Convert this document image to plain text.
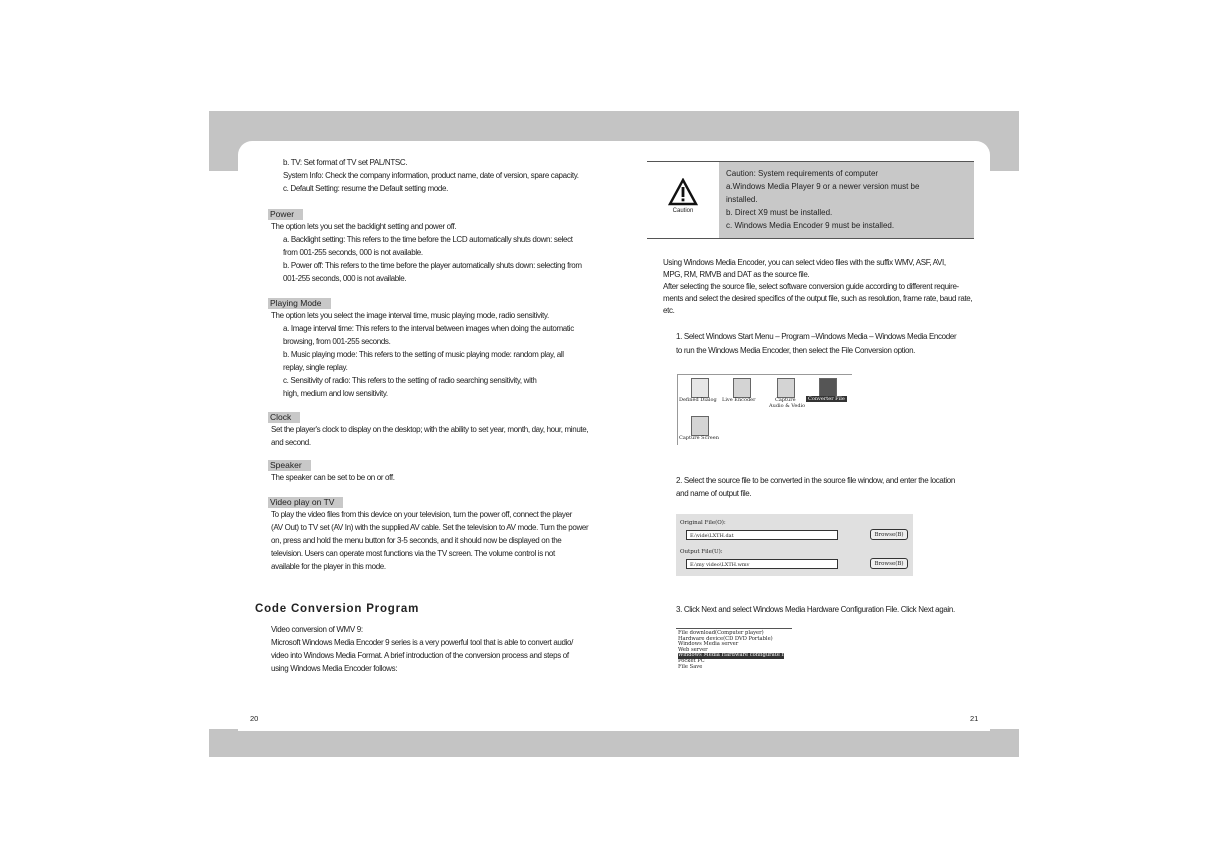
b. TV: Set format of TV set PAL/NTSC.
System Info: Check the company information, product name, date of version, spare capacity.
c. Default Setting: resume the Default setting mode.
Power
The option lets you set the backlight setting and power off.
a. Backlight setting: This refers to the time before the LCD automatically shuts down: select
from 001-255 seconds, 000 is not available.
b. Power off: This refers to the time before the player automatically shuts down: selecting from
001-255 seconds, 000 is not available.
Playing Mode
The option lets you select the image interval time, music playing mode, radio sensitivity.
a. Image interval time: This refers to the interval between images when doing the automatic
browsing, from 001-255 seconds.
b. Music playing mode: This refers to the setting of music playing mode: random play, all
replay, single replay.
c. Sensitivity of radio: This refers to the setting of radio searching sensitivity, with
high, medium and low sensitivity.
Clock
Set the player's clock to display on the desktop; with the ability to set year, month, day, hour, minute,
and second.
Speaker
The speaker can be set to be on or off.
Video play on TV
To play the video files from this device on your television, turn the power off, connect the player
(AV Out) to TV set (AV In) with the supplied AV cable. Set the television to AV mode. Turn the power
on, press and hold the menu button for 3-5 seconds, and it should now be displayed on the
television. Users can operate most functions via the TV screen. The volume control is not
available for the player in this mode.
Code Conversion Program
Video conversion of WMV 9:
Microsoft Windows Media Encoder 9 series is a very powerful tool that is able to convert audio/
video into Windows Media Format. A brief introduction of the conversion process and steps of
using Windows Media Encoder follows:
20
Caution
Caution: System requirements of computer
a.Windows Media Player 9 or a newer version must be
installed.
b. Direct X9 must be installed.
c. Windows Media Encoder 9 must be installed.
Using Windows Media Encoder, you can select video files with the suffix WMV, ASF, AVI,
MPG, RM, RMVB and DAT as the source file.
After selecting the source file, select software conversion guide according to different require-
ments and select the desired specifics of the output file, such as resolution, frame rate, baud rate,
etc.
1. Select Windows Start Menu – Program –Windows Media – Windows Media Encoder
to run the Windows Media Encoder, then select the File Conversion option.
Defined Dialog Live Encoder	Capture
Audio & Vedio
Converter File
Capture Screen
2. Select the source file to be converted in the source file window, and enter the location
and name of output file.
Original File(O):
E:\vide\LXTH.dat	Browse(B)
Output File(U):
E:\my video\LXTH.wmv	Browse(B)
3. Click Next and select Windows Media Hardware Configuration File. Click Next again.
File download(Computer player)
Hardware device(CD DVD Portable)
Windows Media server
Web server
Windows Media Hardware configurate file
Pocket PC
File Save
21
